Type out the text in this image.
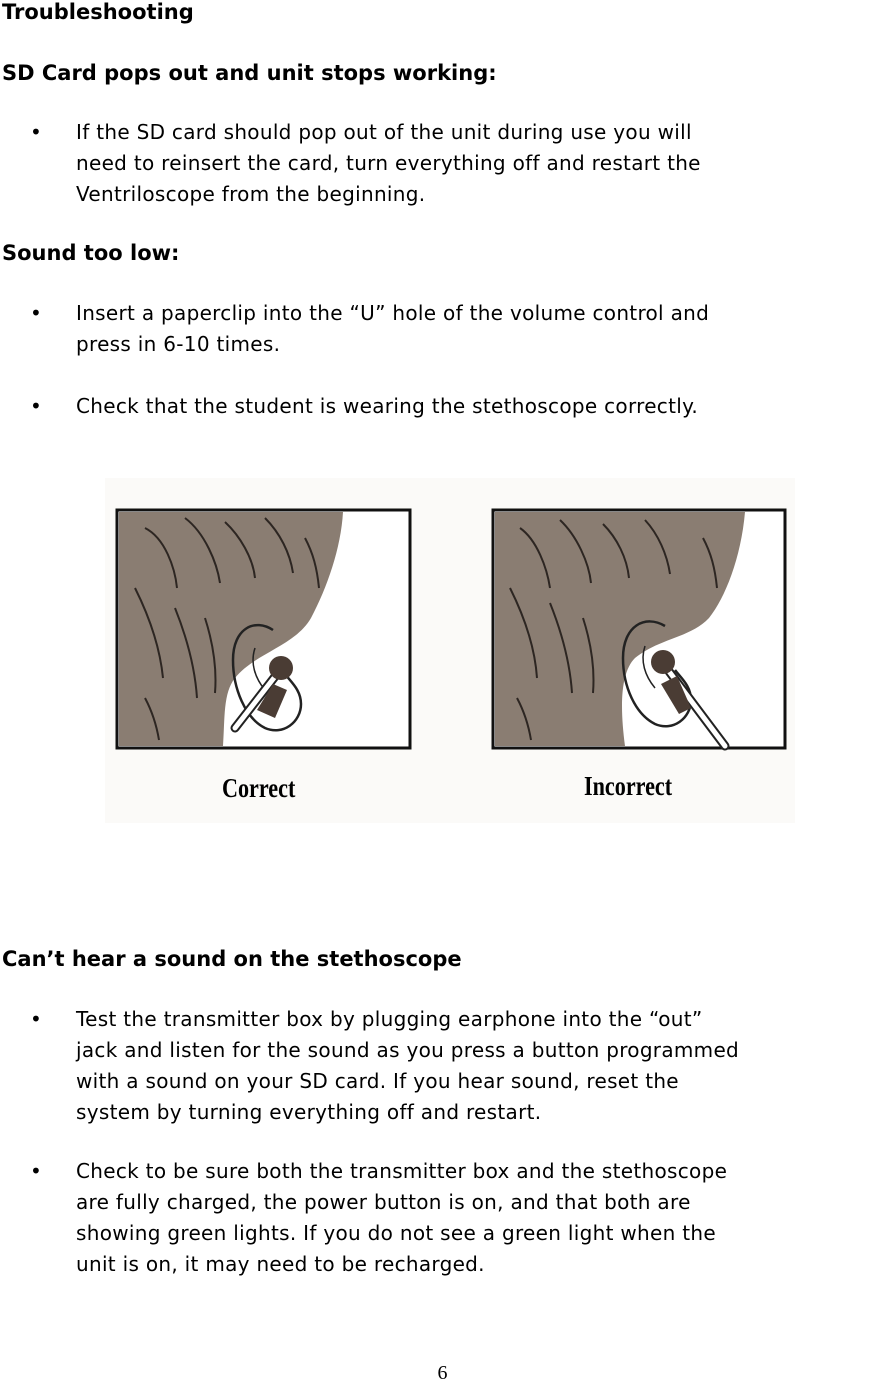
Troubleshooting
SD Card pops out and unit stops working:
•	If the SD card should pop out of the unit during use you will
need to reinsert the card, turn everything off and restart the
Ventriloscope from the beginning.
Sound too low:
•	Insert a paperclip into the “U” hole of the volume control and
press in 6-10 times.
•	Check that the student is wearing the stethoscope correctly.
Correct	Incorrect
Can’t hear a sound on the stethoscope
•	Test the transmitter box by plugging earphone into the “out”
jack and listen for the sound as you press a button programmed
with a sound on your SD card. If you hear sound, reset the
system by turning everything off and restart.
•	Check to be sure both the transmitter box and the stethoscope
are fully charged, the power button is on, and that both are
showing green lights. If you do not see a green light when the
unit is on, it may need to be recharged.
6
